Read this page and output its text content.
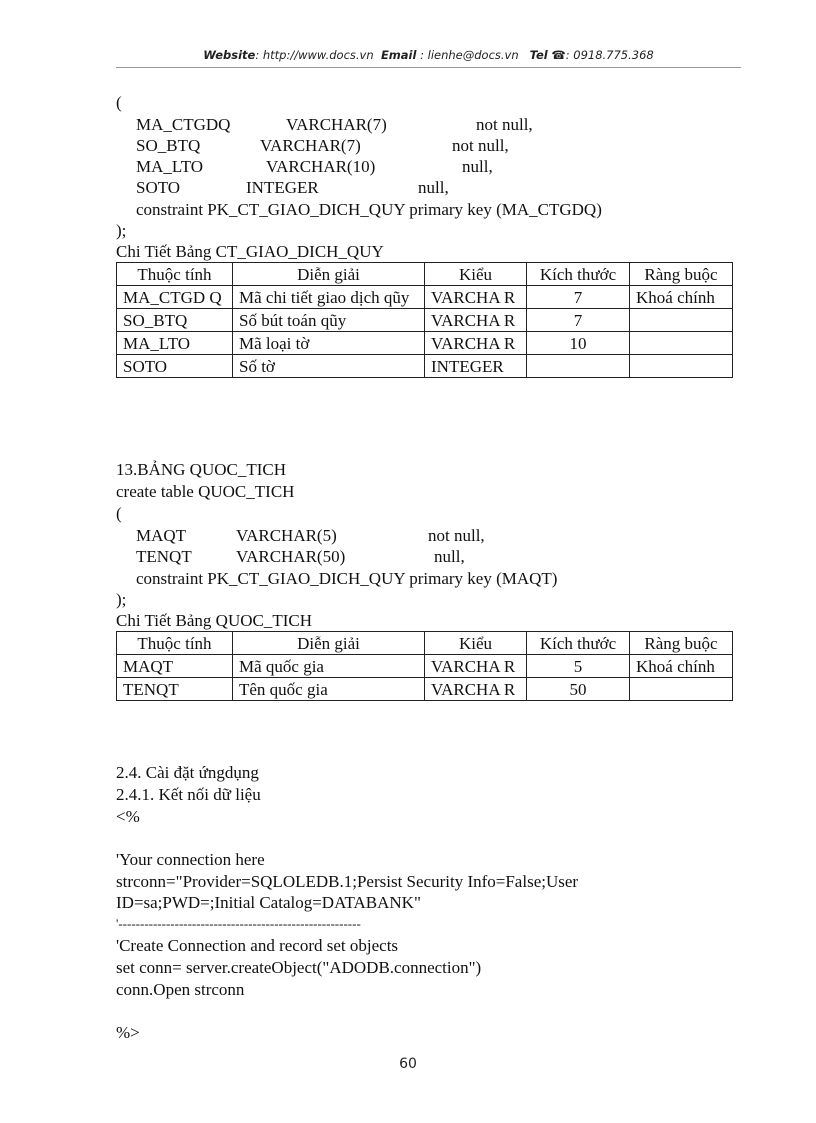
Website: http://www.docs.vn Email : lienhe@docs.vn Tel ☎: 0918.775.368
(
MA_CTGDQ	VARCHAR(7)	not null,
SO_BTQ	VARCHAR(7)	not null,
MA_LTO	VARCHAR(10)	null,
SOTO	INTEGER	null,
constraint PK_CT_GIAO_DICH_QUY primary key (MA_CTGDQ)
);
Chi Tiết Bảng CT_GIAO_DICH_QUY
Thuộc tính	Diễn giải	Kiểu	Kích thước	Ràng buộc
MA_CTGD Q	Mã chi tiết giao dịch qũy	VARCHA R	7	Khoá chính
SO_BTQ	Số bút toán qũy	VARCHA R	7	
MA_LTO	Mã loại tờ	VARCHA R	10	
SOTO	Số tờ	INTEGER		
13.BẢNG QUOC_TICH
create table QUOC_TICH
(
MAQT	VARCHAR(5)	not null,
TENQT	VARCHAR(50)	null,
constraint PK_CT_GIAO_DICH_QUY primary key (MAQT)
);
Chi Tiết Bảng QUOC_TICH
Thuộc tính	Diễn giải	Kiểu	Kích thước	Ràng buộc
MAQT	Mã quốc gia	VARCHA R	5	Khoá chính
TENQT	Tên quốc gia	VARCHA R	50	
2.4. Cài đặt ứngdụng
2.4.1. Kết nối dữ liệu
<%
'Your connection here
strconn="Provider=SQLOLEDB.1;Persist Security Info=False;User
ID=sa;PWD=;Initial Catalog=DATABANK"
'--------------------------------------------------------
'Create Connection and record set objects
set conn= server.createObject("ADODB.connection")
conn.Open strconn
%>
60
